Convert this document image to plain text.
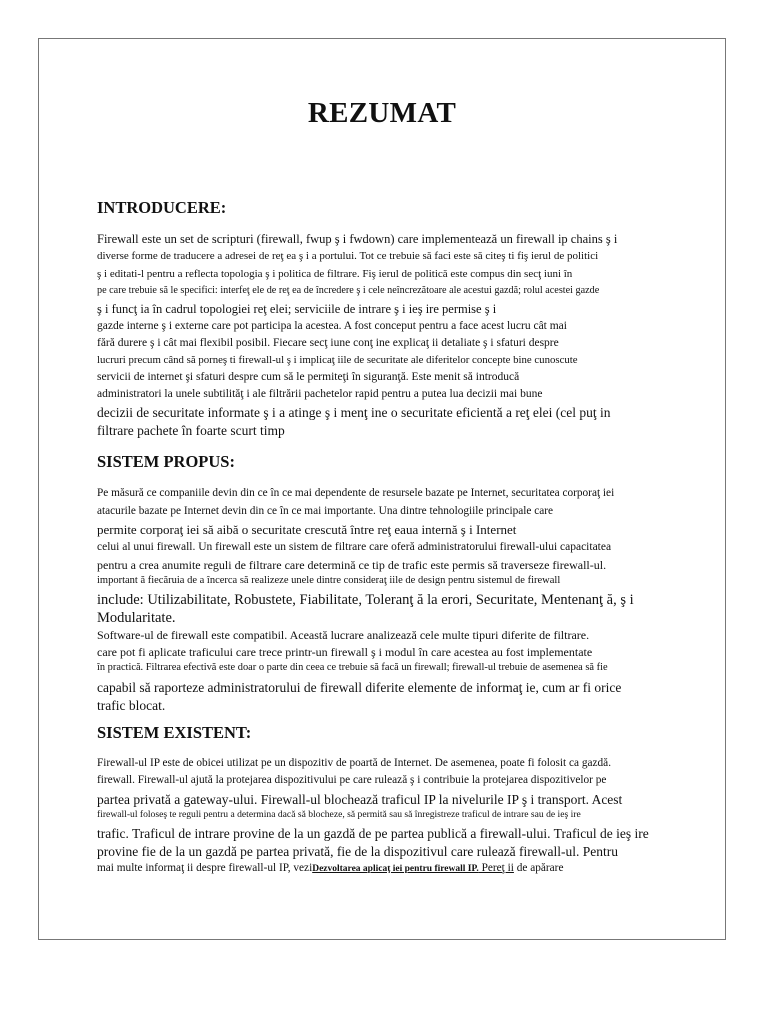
REZUMAT
INTRODUCERE:
Firewall este un set de scripturi (firewall, fwup ş i fwdown) care implementează un firewall ip chains ş i
diverse forme de traducere a adresei de reţ ea ş i a portului. Tot ce trebuie să faci este să citeş ti fiş ierul de politici
ş i editati-l pentru a reflecta topologia ş i politica de filtrare. Fiş ierul de politică este compus din secţ iuni în
pe care trebuie să le specifici: interfeţ ele de reţ ea de încredere ş i cele neîncrezătoare ale acestui gazdă; rolul acestei gazde
ş i funcţ ia în cadrul topologiei reţ elei; serviciile de intrare ş i ieş ire permise ş i
gazde interne ş i externe care pot participa la acestea. A fost conceput pentru a face acest lucru cât mai
fără durere ş i cât mai flexibil posibil. Fiecare secţ iune conţ ine explicaţ ii detaliate ş i sfaturi despre
lucruri precum când să porneş ti firewall-ul ş i implicaţ iile de securitate ale diferitelor concepte bine cunoscute
servicii de internet şi sfaturi despre cum să le permiteţi în siguranţă. Este menit să introducă
administratori la unele subtilităţ i ale filtrării pachetelor rapid pentru a putea lua decizii mai bune
decizii de securitate informate ş i a atinge ş i menţ ine o securitate eficientă a reţ elei (cel puţ in
filtrare pachete în foarte scurt timp
SISTEM PROPUS:
Pe măsură ce companiile devin din ce în ce mai dependente de resursele bazate pe Internet, securitatea corporaţ iei
atacurile bazate pe Internet devin din ce în ce mai importante. Una dintre tehnologiile principale care
permite corporaţ iei să aibă o securitate crescută între reţ eaua internă ş i Internet
celui al unui firewall. Un firewall este un sistem de filtrare care oferă administratorului firewall-ului capacitatea
pentru a crea anumite reguli de filtrare care determină ce tip de trafic este permis să traverseze firewall-ul.
important ă fiecăruia de a încerca să realizeze unele dintre consideraţ iile de design pentru sistemul de firewall
include: Utilizabilitate, Robustete, Fiabilitate, Toleranţ ă la erori, Securitate, Mentenanţ ă, ş i
Modularitate.
Software-ul de firewall este compatibil. Această lucrare analizează cele multe tipuri diferite de filtrare.
care pot fi aplicate traficului care trece printr-un firewall ş i modul în care acestea au fost implementate
în practică. Filtrarea efectivă este doar o parte din ceea ce trebuie să facă un firewall; firewall-ul trebuie de asemenea să fie
capabil să raporteze administratorului de firewall diferite elemente de informaţ ie, cum ar fi orice
trafic blocat.
SISTEM EXISTENT:
Firewall-ul IP este de obicei utilizat pe un dispozitiv de poartă de Internet. De asemenea, poate fi folosit ca gazdă.
firewall. Firewall-ul ajută la protejarea dispozitivului pe care rulează ş i contribuie la protejarea dispozitivelor pe
partea privată a gateway-ului. Firewall-ul blochează traficul IP la nivelurile IP ş i transport. Acest
firewall-ul foloseş te reguli pentru a determina dacă să blocheze, să permită sau să înregistreze traficul de intrare sau de ieş ire
trafic. Traficul de intrare provine de la un gazdă de pe partea publică a firewall-ului. Traficul de ieş ire
provine fie de la un gazdă pe partea privată, fie de la dispozitivul care rulează firewall-ul. Pentru
mai multe informaţ ii despre firewall-ul IP, veziDezvoltarea aplicaţ iei pentru firewall IP. Pereţ ii de apărare
